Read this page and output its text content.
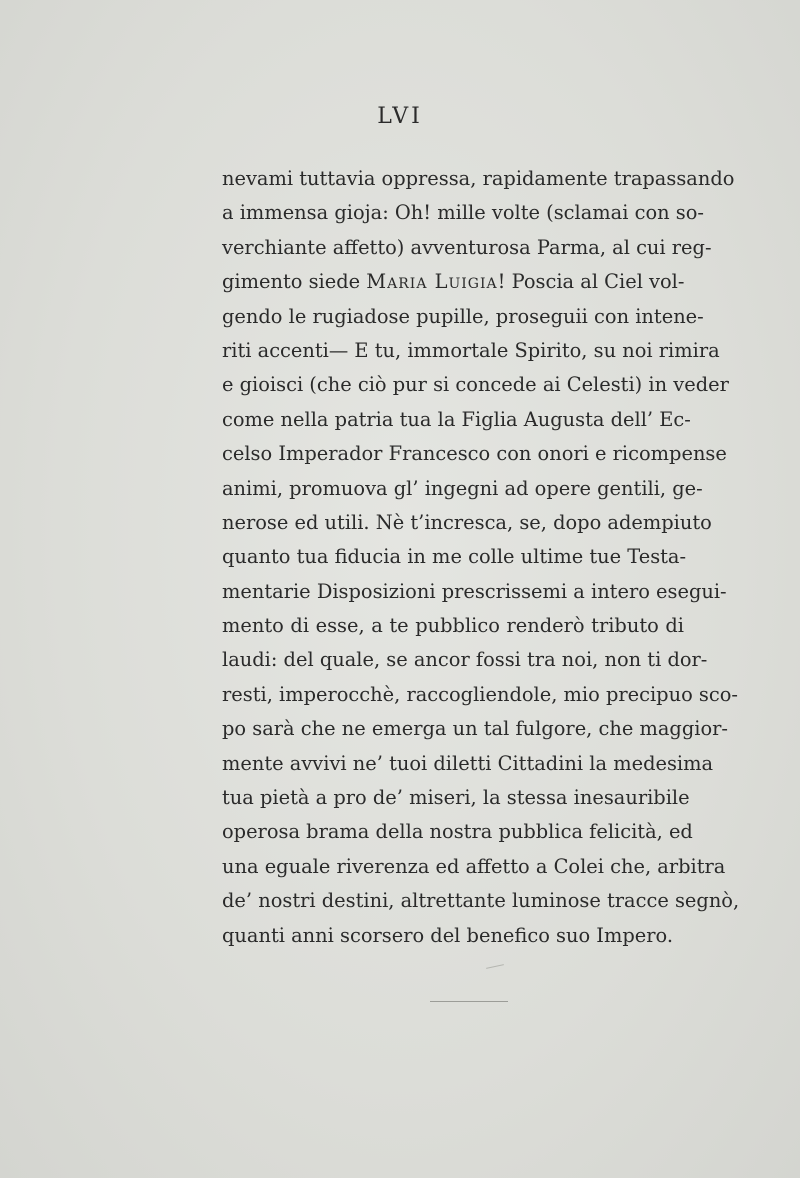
LVI
nevami tuttavia oppressa, rapidamente trapassando
a immensa gioja: Oh! mille volte (sclamai con so-
verchiante affetto) avventurosa Parma, al cui reg-
gimento siede Maria Luigia! Poscia al Ciel vol-
gendo le rugiadose pupille, proseguii con intene-
riti accenti— E tu, immortale Spirito, su noi rimira
e gioisci (che ciò pur si concede ai Celesti) in veder
come nella patria tua la Figlia Augusta dell’ Ec-
celso Imperador Francesco con onori e ricompense
animi, promuova gl’ ingegni ad opere gentili, ge-
nerose ed utili. Nè t’incresca, se, dopo adempiuto
quanto tua fiducia in me colle ultime tue Testa-
mentarie Disposizioni prescrissemi a intero esegui-
mento di esse, a te pubblico renderò tributo di
laudi: del quale, se ancor fossi tra noi, non ti dor-
resti, imperocchè, raccogliendole, mio precipuo sco-
po sarà che ne emerga un tal fulgore, che maggior-
mente avvivi ne’ tuoi diletti Cittadini la medesima
tua pietà a pro de’ miseri, la stessa inesauribile
operosa brama della nostra pubblica felicità, ed
una eguale riverenza ed affetto a Colei che, arbitra
de’ nostri destini, altrettante luminose tracce segnò,
quanti anni scorsero del benefico suo Impero.
